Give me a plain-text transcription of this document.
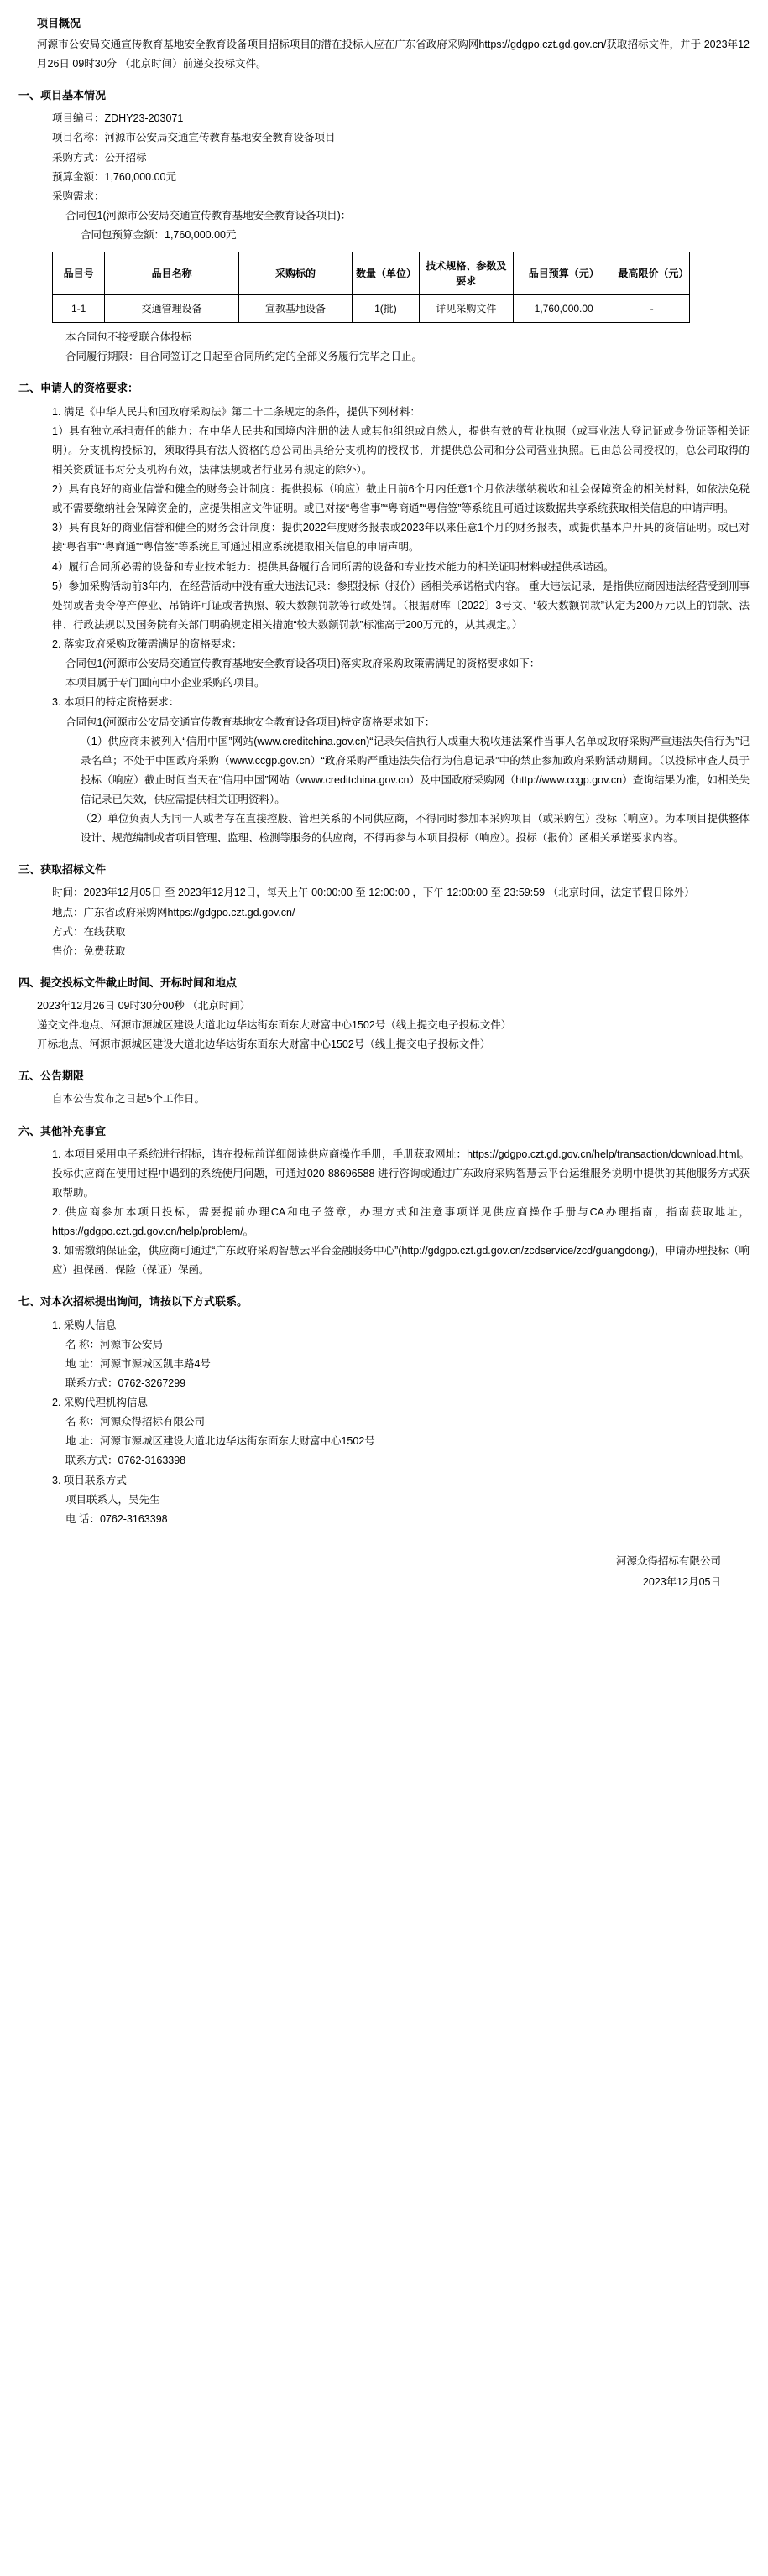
项目概况

河源市公安局交通宣传教育基地安全教育设备项目招标项目的潜在投标人应在广东省政府采购网https://gdgpo.czt.gd.gov.cn/获取招标文件，并于 2023年12月26日 09时30分 （北京时间）前递交投标文件。

一、项目基本情况

项目编号：ZDHY23-203071

项目名称：河源市公安局交通宣传教育基地安全教育设备项目

采购方式：公开招标

预算金额：1,760,000.00元

采购需求：

合同包1(河源市公安局交通宣传教育基地安全教育设备项目)：

合同包预算金额：1,760,000.00元

品目号	品目名称	采购标的	数量（单位）	技术规格、参数及要求	品目预算（元）	最高限价（元）
1-1	交通管理设备	宣教基地设备	1(批)	详见采购文件	1,760,000.00	-

本合同包不接受联合体投标

合同履行期限：自合同签订之日起至合同所约定的全部义务履行完毕之日止。

二、申请人的资格要求：

1. 满足《中华人民共和国政府采购法》第二十二条规定的条件，提供下列材料：

1）具有独立承担责任的能力：在中华人民共和国境内注册的法人或其他组织或自然人，提供有效的营业执照（或事业法人登记证或身份证等相关证明）。分支机构投标的，须取得具有法人资格的总公司出具给分支机构的授权书，并提供总公司和分公司营业执照。已由总公司授权的，总公司取得的相关资质证书对分支机构有效，法律法规或者行业另有规定的除外）。

2）具有良好的商业信誉和健全的财务会计制度：提供投标（响应）截止日前6个月内任意1个月依法缴纳税收和社会保障资金的相关材料，如依法免税或不需要缴纳社会保障资金的，应提供相应文件证明。或已对接“粤省事”“粤商通”“粤信签”等系统且可通过该数据共享系统获取相关信息的申请声明。

3）具有良好的商业信誉和健全的财务会计制度：提供2022年度财务报表或2023年以来任意1个月的财务报表，或提供基本户开具的资信证明。或已对接“粤省事”“粤商通”“粤信签”等系统且可通过相应系统提取相关信息的申请声明。

4）履行合同所必需的设备和专业技术能力：提供具备履行合同所需的设备和专业技术能力的相关证明材料或提供承诺函。

5）参加采购活动前3年内，在经营活动中没有重大违法记录：参照投标（报价）函相关承诺格式内容。 重大违法记录，是指供应商因违法经营受到刑事处罚或者责令停产停业、吊销许可证或者执照、较大数额罚款等行政处罚。（根据财库〔2022〕3号文、“较大数额罚款”认定为200万元以上的罚款、法律、行政法规以及国务院有关部门明确规定相关措施“较大数额罚款”标准高于200万元的，从其规定。）

2. 落实政府采购政策需满足的资格要求：

合同包1(河源市公安局交通宣传教育基地安全教育设备项目)落实政府采购政策需满足的资格要求如下：

本项目属于专门面向中小企业采购的项目。

3. 本项目的特定资格要求：

合同包1(河源市公安局交通宣传教育基地安全教育设备项目)特定资格要求如下：

（1）供应商未被列入“信用中国”网站(www.creditchina.gov.cn)“记录失信执行人或重大税收违法案件当事人名单或政府采购严重违法失信行为”记录名单；不处于中国政府采购（www.ccgp.gov.cn）“政府采购严重违法失信行为信息记录”中的禁止参加政府采购活动期间。（以投标审查人员于投标（响应）截止时间当天在“信用中国”网站（www.creditchina.gov.cn）及中国政府采购网（http://www.ccgp.gov.cn）查询结果为准，如相关失信记录已失效，供应需提供相关证明资料）。

（2）单位负责人为同一人或者存在直接控股、管理关系的不同供应商，不得同时参加本采购项目（或采购包）投标（响应）。为本项目提供整体设计、规范编制或者项目管理、监理、检测等服务的供应商，不得再参与本项目投标（响应）。投标（报价）函相关承诺要求内容。

三、获取招标文件

时间：2023年12月05日 至 2023年12月12日，每天上午 00:00:00 至 12:00:00 ，下午 12:00:00 至 23:59:59 （北京时间，法定节假日除外）

地点：广东省政府采购网https://gdgpo.czt.gd.gov.cn/

方式：在线获取

售价：免费获取

四、提交投标文件截止时间、开标时间和地点

2023年12月26日 09时30分00秒 （北京时间）

递交文件地点、河源市源城区建设大道北边华达街东面东大财富中心1502号（线上提交电子投标文件）

开标地点、河源市源城区建设大道北边华达街东面东大财富中心1502号（线上提交电子投标文件）

五、公告期限

自本公告发布之日起5个工作日。

六、其他补充事宜

1. 本项目采用电子系统进行招标，请在投标前详细阅读供应商操作手册，手册获取网址：https://gdgpo.czt.gd.gov.cn/help/transaction/download.html。投标供应商在使用过程中遇到的系统使用问题，可通过020-88696588 进行咨询或通过广东政府采购智慧云平台运维服务说明中提供的其他服务方式获取帮助。

2. 供应商参加本项目投标，需要提前办理CA和电子签章，办理方式和注意事项详见供应商操作手册与CA办理指南，指南获取地址，https://gdgpo.czt.gd.gov.cn/help/problem/。

3. 如需缴纳保证金，供应商可通过“广东政府采购智慧云平台金融服务中心”(http://gdgpo.czt.gd.gov.cn/zcdservice/zcd/guangdong/)，申请办理投标（响应）担保函、保险（保证）保函。

七、对本次招标提出询问，请按以下方式联系。

1. 采购人信息

名 称：河源市公安局

地 址：河源市源城区凯丰路4号

联系方式：0762-3267299

2. 采购代理机构信息

名 称：河源众得招标有限公司

地 址：河源市源城区建设大道北边华达街东面东大财富中心1502号

联系方式：0762-3163398

3. 项目联系方式

项目联系人，吴先生

电 话：0762-3163398

河源众得招标有限公司
2023年12月05日
